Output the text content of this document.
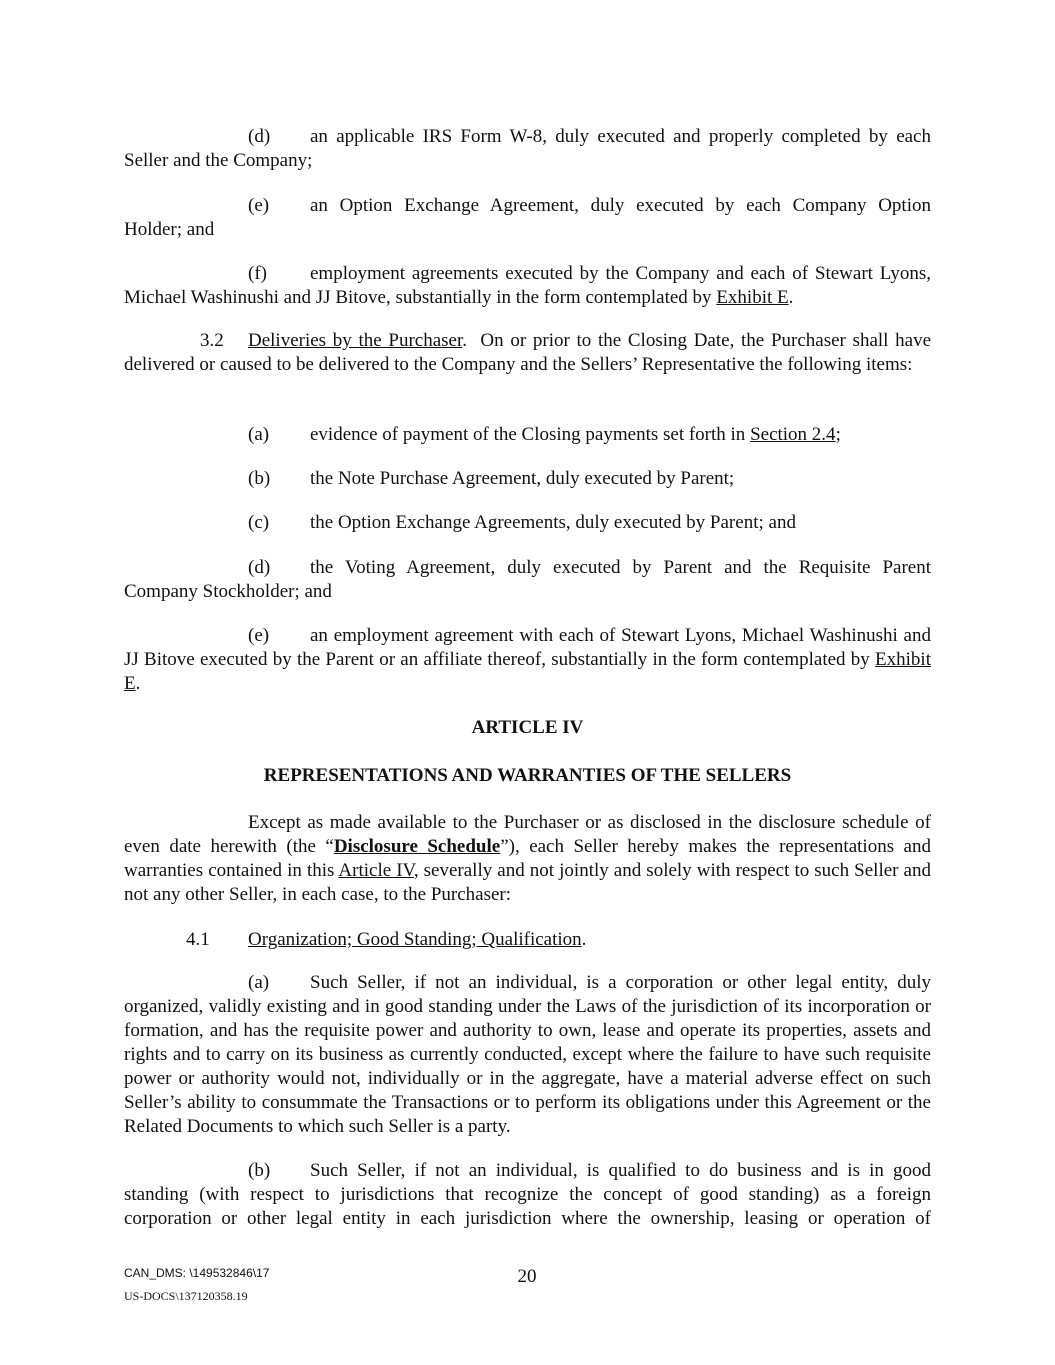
(d) an applicable IRS Form W-8, duly executed and properly completed by each Seller and the Company;

(e) an Option Exchange Agreement, duly executed by each Company Option Holder; and

(f) employment agreements executed by the Company and each of Stewart Lyons, Michael Washinushi and JJ Bitove, substantially in the form contemplated by Exhibit E.

3.2 Deliveries by the Purchaser.  On or prior to the Closing Date, the Purchaser shall have delivered or caused to be delivered to the Company and the Sellers’ Representative the following items:

(a) evidence of payment of the Closing payments set forth in Section 2.4;

(b) the Note Purchase Agreement, duly executed by Parent;

(c) the Option Exchange Agreements, duly executed by Parent; and

(d) the Voting Agreement, duly executed by Parent and the Requisite Parent Company Stockholder; and

(e) an employment agreement with each of Stewart Lyons, Michael Washinushi and JJ Bitove executed by the Parent or an affiliate thereof, substantially in the form contemplated by Exhibit E.

ARTICLE IV

REPRESENTATIONS AND WARRANTIES OF THE SELLERS

Except as made available to the Purchaser or as disclosed in the disclosure schedule of even date herewith (the “Disclosure Schedule”), each Seller hereby makes the representations and warranties contained in this Article IV, severally and not jointly and solely with respect to such Seller and not any other Seller, in each case, to the Purchaser:

4.1 Organization; Good Standing; Qualification.

(a) Such Seller, if not an individual, is a corporation or other legal entity, duly organized, validly existing and in good standing under the Laws of the jurisdiction of its incorporation or formation, and has the requisite power and authority to own, lease and operate its properties, assets and rights and to carry on its business as currently conducted, except where the failure to have such requisite power or authority would not, individually or in the aggregate, have a material adverse effect on such Seller’s ability to consummate the Transactions or to perform its obligations under this Agreement or the Related Documents to which such Seller is a party.

(b) Such Seller, if not an individual, is qualified to do business and is in good standing (with respect to jurisdictions that recognize the concept of good standing) as a foreign corporation or other legal entity in each jurisdiction where the ownership, leasing or operation of

CAN_DMS: \149532846\17	20
US-DOCS\137120358.19
